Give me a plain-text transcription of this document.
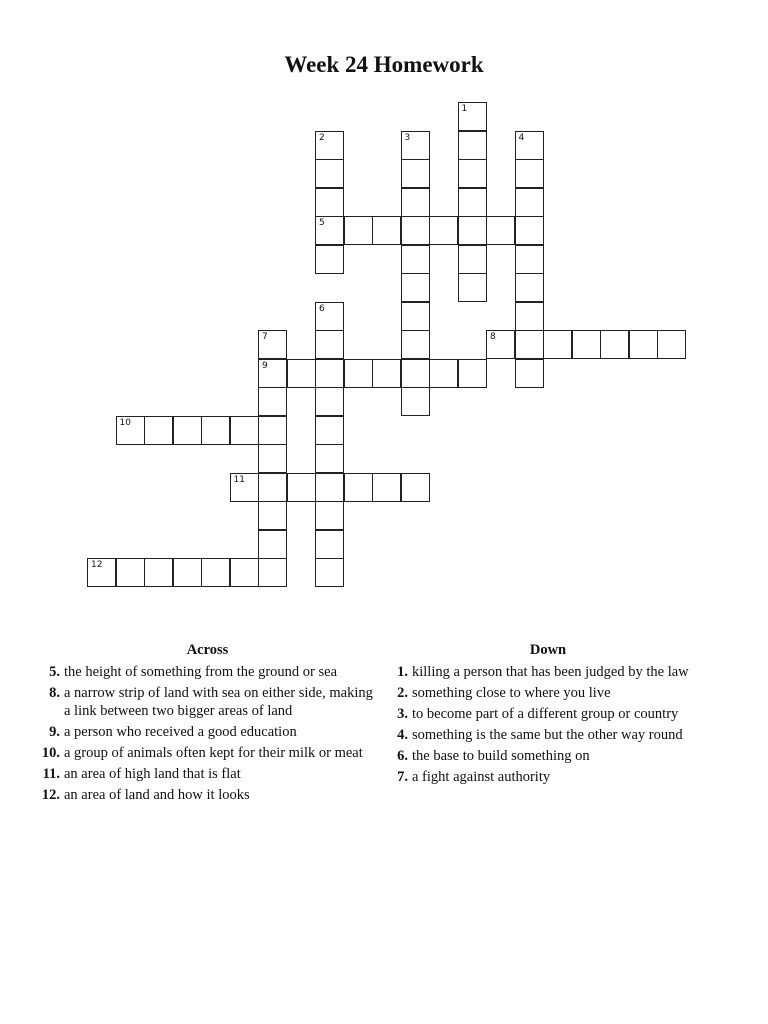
Week 24 Homework
1
2
5
3	4
6
7
9
8
10
11
12
Across
5. the height of something from the ground or sea
8. a narrow strip of land with sea on either side, making a link between two bigger areas of land
9. a person who received a good education
10. a group of animals often kept for their milk or meat
11. an area of high land that is flat
12. an area of land and how it looks
Down
1. killing a person that has been judged by the law
2. something close to where you live
3. to become part of a different group or country
4. something is the same but the other way round
6. the base to build something on
7. a fight against authority
